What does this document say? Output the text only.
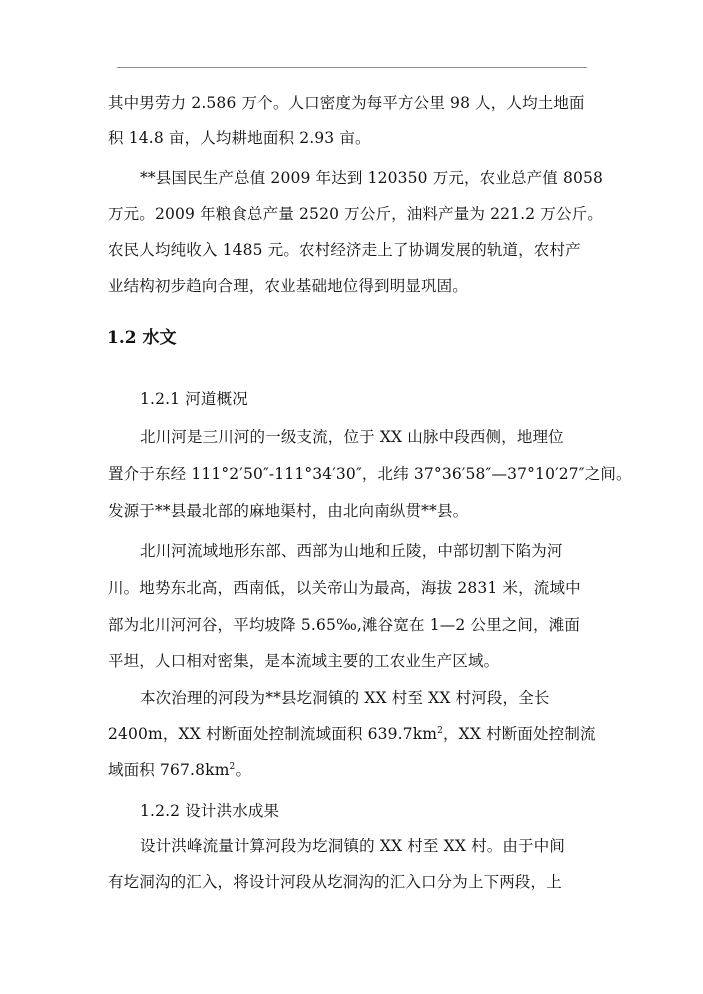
其中男劳力 2.586 万个。人口密度为每平方公里 98 人，人均土地面
积 14.8 亩，人均耕地面积 2.93 亩。
**县国民生产总值 2009 年达到 120350 万元，农业总产值 8058
万元。2009 年粮食总产量 2520 万公斤，油料产量为 221.2 万公斤。
农民人均纯收入 1485 元。农村经济走上了协调发展的轨道，农村产
业结构初步趋向合理，农业基础地位得到明显巩固。
1.2 水文
1.2.1 河道概况
北川河是三川河的一级支流，位于 XX 山脉中段西侧，地理位
置介于东经 111°2′50″-111°34′30″，北纬 37°36′58″—37°10′27″之间。
发源于**县最北部的麻地渠村，由北向南纵贯**县。
北川河流域地形东部、西部为山地和丘陵，中部切割下陷为河
川。地势东北高，西南低，以关帝山为最高，海拔 2831 米，流域中
部为北川河河谷，平均坡降 5.65‰,滩谷宽在 1—2 公里之间，滩面
平坦，人口相对密集，是本流域主要的工农业生产区域。
本次治理的河段为**县圪洞镇的 XX 村至 XX 村河段，全长
2400m，XX 村断面处控制流域面积 $639.7km^2$，XX 村断面处控制流
域面积 $767.8km^2$。
1.2.2 设计洪水成果
设计洪峰流量计算河段为圪洞镇的 XX 村至 XX 村。由于中间
有圪洞沟的汇入，将设计河段从圪洞沟的汇入口分为上下两段，上
